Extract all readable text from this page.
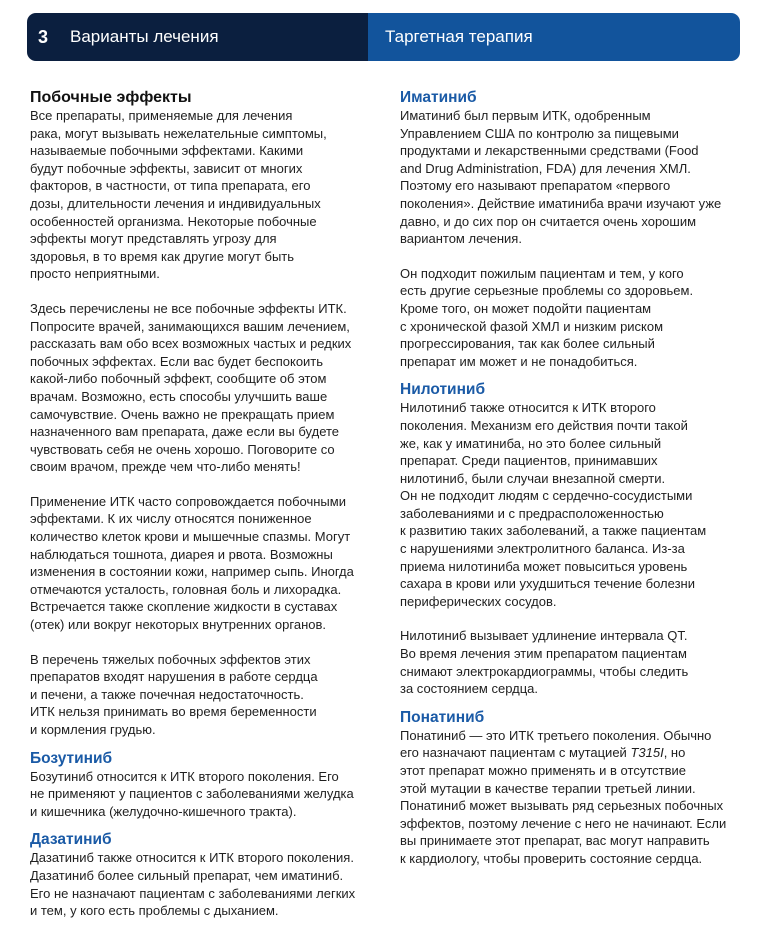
3	Варианты лечения	Таргетная терапия
Побочные эффекты

Все препараты, применяемые для лечения
рака, могут вызывать нежелательные симптомы,
называемые побочными эффектами. Какими
будут побочные эффекты, зависит от многих
факторов, в частности, от типа препарата, его
дозы, длительности лечения и индивидуальных
особенностей организма. Некоторые побочные
эффекты могут представлять угрозу для
здоровья, в то время как другие могут быть
просто неприятными.

Здесь перечислены не все побочные эффекты ИТК.
Попросите врачей, занимающихся вашим лечением,
рассказать вам обо всех возможных частых и редких
побочных эффектах. Если вас будет беспокоить
какой-либо побочный эффект, сообщите об этом
врачам. Возможно, есть способы улучшить ваше
самочувствие. Очень важно не прекращать прием
назначенного вам препарата, даже если вы будете
чувствовать себя не очень хорошо. Поговорите со
своим врачом, прежде чем что-либо менять!

Применение ИТК часто сопровождается побочными
эффектами. К их числу относятся пониженное
количество клеток крови и мышечные спазмы. Могут
наблюдаться тошнота, диарея и рвота. Возможны
изменения в состоянии кожи, например сыпь. Иногда
отмечаются усталость, головная боль и лихорадка.
Встречается также скопление жидкости в суставах
(отек) или вокруг некоторых внутренних органов.

В перечень тяжелых побочных эффектов этих
препаратов входят нарушения в работе сердца
и печени, а также почечная недостаточность.
ИТК нельзя принимать во время беременности
и кормления грудью.

Бозутиниб

Бозутиниб относится к ИТК второго поколения. Его
не применяют у пациентов с заболеваниями желудка
и кишечника (желудочно-кишечного тракта).

Дазатиниб

Дазатиниб также относится к ИТК второго поколения.
Дазатиниб более сильный препарат, чем иматиниб.
Его не назначают пациентам с заболеваниями легких
и тем, у кого есть проблемы с дыханием.

Иматиниб

Иматиниб был первым ИТК, одобренным
Управлением США по контролю за пищевыми
продуктами и лекарственными средствами (Food
and Drug Administration, FDA) для лечения ХМЛ.
Поэтому его называют препаратом «первого
поколения». Действие иматиниба врачи изучают уже
давно, и до сих пор он считается очень хорошим
вариантом лечения.

Он подходит пожилым пациентам и тем, у кого
есть другие серьезные проблемы со здоровьем.
Кроме того, он может подойти пациентам
с хронической фазой ХМЛ и низким риском
прогрессирования, так как более сильный
препарат им может и не понадобиться.

Нилотиниб

Нилотиниб также относится к ИТК второго
поколения. Механизм его действия почти такой
же, как у иматиниба, но это более сильный
препарат. Среди пациентов, принимавших
нилотиниб, были случаи внезапной смерти.
Он не подходит людям с сердечно-сосудистыми
заболеваниями и с предрасположенностью
к развитию таких заболеваний, а также пациентам
с нарушениями электролитного баланса. Из-за
приема нилотиниба может повыситься уровень
сахара в крови или ухудшиться течение болезни
периферических сосудов.

Нилотиниб вызывает удлинение интервала QT.
Во время лечения этим препаратом пациентам
снимают электрокардиограммы, чтобы следить
за состоянием сердца.

Понатиниб

Понатиниб — это ИТК третьего поколения. Обычно
его назначают пациентам с мутацией T315I, но
этот препарат можно применять и в отсутствие
этой мутации в качестве терапии третьей линии.
Понатиниб может вызывать ряд серьезных побочных
эффектов, поэтому лечение с него не начинают. Если
вы принимаете этот препарат, вас могут направить
к кардиологу, чтобы проверить состояние сердца.
